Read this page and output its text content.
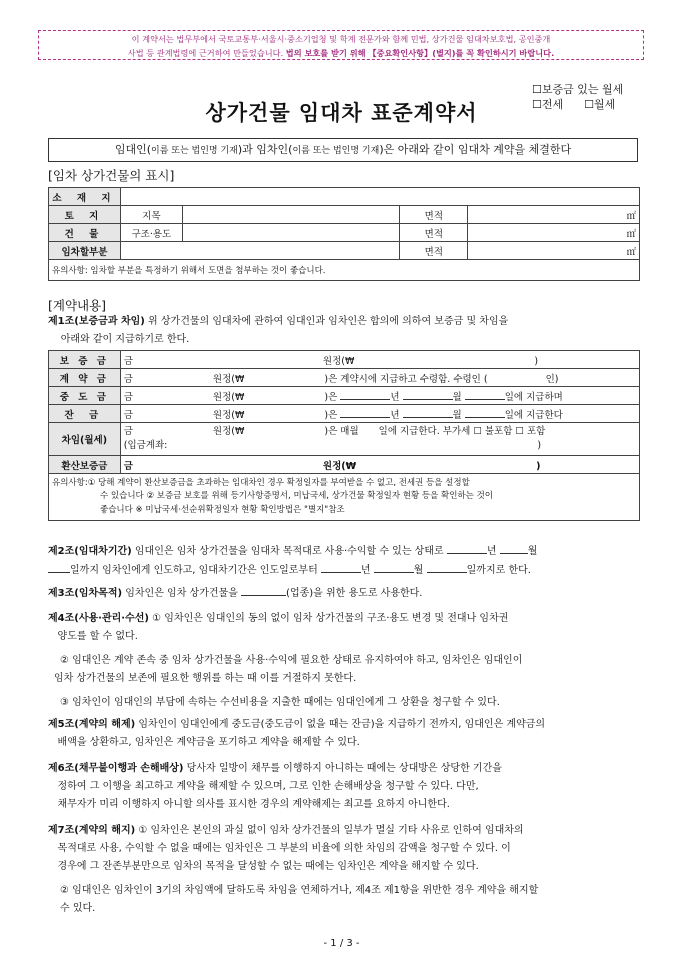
이 계약서는 법무부에서 국토교통부·서울시·중소기업청 및 학계 전문가와 함께 민법, 상가건물 임대차보호법, 공인중개
사법 등 관계법령에 근거하여 만들었습니다. 법의 보호를 받기 위해 【중요확인사항】(별지)를 꼭 확인하시기 바랍니다.
☐보증금 있는 월세
☐전세 ☐월세
상가건물 임대차 표준계약서
임대인(이름 또는 법인명 기재)과 임차인(이름 또는 법인명 기재)은 아래와 같이 임대차 계약을 체결한다
[임차 상가건물의 표시]
소 재 지				
토 지	지목		면적	㎡
건 물	구조·용도		면적	㎡
임차할부분			면적	㎡
유의사항: 임차할 부분을 특정하기 위해서 도면을 첨부하는 것이 좋습니다.				
[계약내용]
제1조(보증금과 차임) 위 상가건물의 임대차에 관하여 임대인과 임차인은 합의에 의하여 보증금 및 차임을
아래와 같이 지급하기로 한다.
보 증 금	금 원정(₩ )
계 약 금	금 원정(₩ )은 계약시에 지급하고 수령함. 수령인 ( 인)
중 도 금	금 원정(₩ )은 년 월 일에 지급하며
잔 금	금 원정(₩ )은 년 월 일에 지급한다
차임(월세)	금 원정(₩ )은 매월 일에 지급한다. 부가세 ☐ 불포함 ☐ 포함
(입금계좌: )
환산보증금	금 원정(₩ )

유의사항:① 당해 계약이 환산보증금을 초과하는 임대차인 경우 확정일자를 부여받을 수 없고, 전세권 등을 설정할
수 있습니다 ② 보증금 보호를 위해 등기사항증명서, 미납국세, 상가건물 확정일자 현황 등을 확인하는 것이
좋습니다 ※ 미납국세·선순위확정일자 현황 확인방법은 "별지"참조	
제2조(임대차기간) 임대인은 임차 상가건물을 임대차 목적대로 사용·수익할 수 있는 상태로	년	월
일까지 임차인에게 인도하고, 임대차기간은 인도일로부터	년	월	일까지로 한다.
제3조(임차목적) 임차인은 임차 상가건물을	(업종)을 위한 용도로 사용한다.
제4조(사용·관리·수선) ① 임차인은 임대인의 동의 없이 임차 상가건물의 구조·용도 변경 및 전대나 임차권
양도를 할 수 없다.
② 임대인은 계약 존속 중 임차 상가건물을 사용·수익에 필요한 상태로 유지하여야 하고, 임차인은 임대인이
임차 상가건물의 보존에 필요한 행위를 하는 때 이를 거절하지 못한다.
③ 임차인이 임대인의 부담에 속하는 수선비용을 지출한 때에는 임대인에게 그 상환을 청구할 수 있다.
제5조(계약의 해제) 임차인이 임대인에게 중도금(중도금이 없을 때는 잔금)을 지급하기 전까지, 임대인은 계약금의
배액을 상환하고, 임차인은 계약금을 포기하고 계약을 해제할 수 있다.
제6조(채무불이행과 손해배상) 당사자 일방이 채무를 이행하지 아니하는 때에는 상대방은 상당한 기간을
정하여 그 이행을 최고하고 계약을 해제할 수 있으며, 그로 인한 손해배상을 청구할 수 있다. 다만,
채무자가 미리 이행하지 아니할 의사를 표시한 경우의 계약해제는 최고를 요하지 아니한다.
제7조(계약의 해지) ① 임차인은 본인의 과실 없이 임차 상가건물의 일부가 멸실 기타 사유로 인하여 임대차의
목적대로 사용, 수익할 수 없을 때에는 임차인은 그 부분의 비율에 의한 차임의 감액을 청구할 수 있다. 이
경우에 그 잔존부분만으로 임차의 목적을 달성할 수 없는 때에는 임차인은 계약을 해지할 수 있다.
② 임대인은 임차인이 3기의 차임액에 달하도록 차임을 연체하거나, 제4조 제1항을 위반한 경우 계약을 해지할
수 있다.
- 1 / 3 -
